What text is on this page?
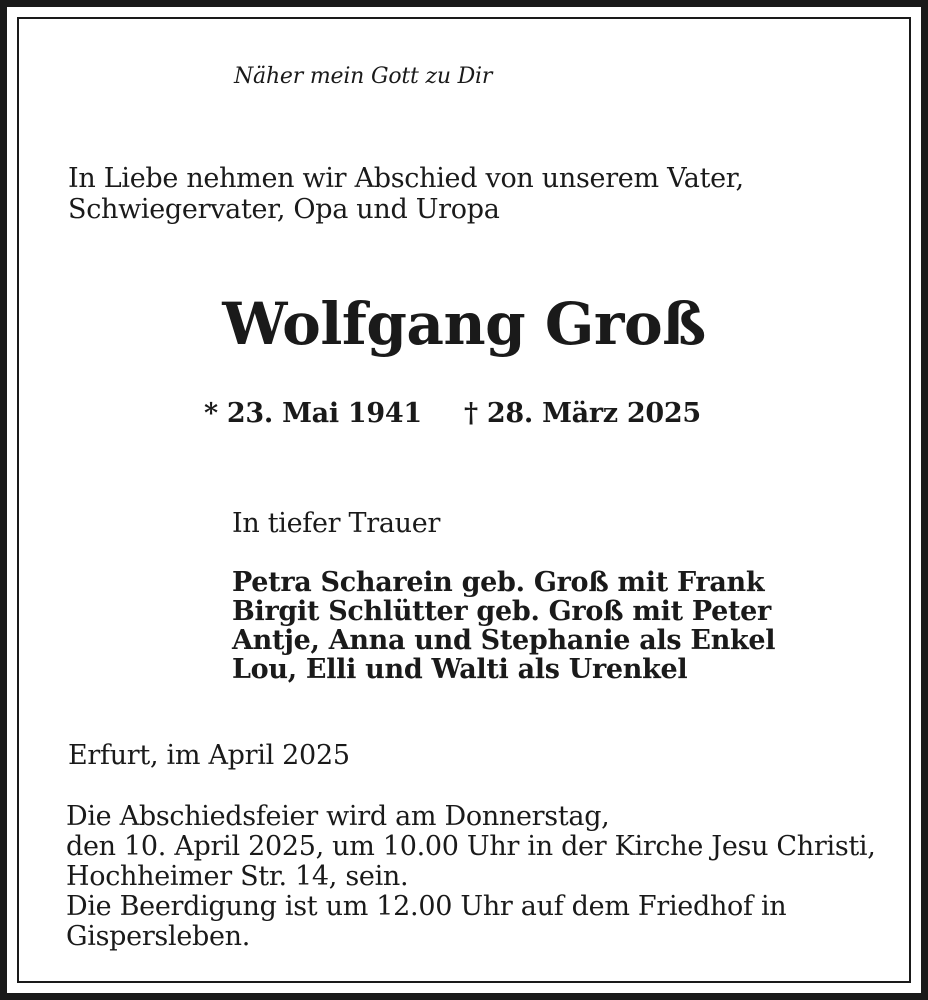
Näher mein Gott zu Dir

In Liebe nehmen wir Abschied von unserem Vater,
Schwiegervater, Opa und Uropa
Wolfgang Groß

* 23. Mai 1941 † 28. März 2025

In tiefer Trauer

Petra Scharein geb. Groß mit Frank
Birgit Schlütter geb. Groß mit Peter
Antje, Anna und Stephanie als Enkel
Lou, Elli und Walti als Urenkel

Erfurt, im April 2025

Die Abschiedsfeier wird am Donnerstag,
den 10. April 2025, um 10.00 Uhr in der Kirche Jesu Christi,
Hochheimer Str. 14, sein.
Die Beerdigung ist um 12.00 Uhr auf dem Friedhof in
Gispersleben.
